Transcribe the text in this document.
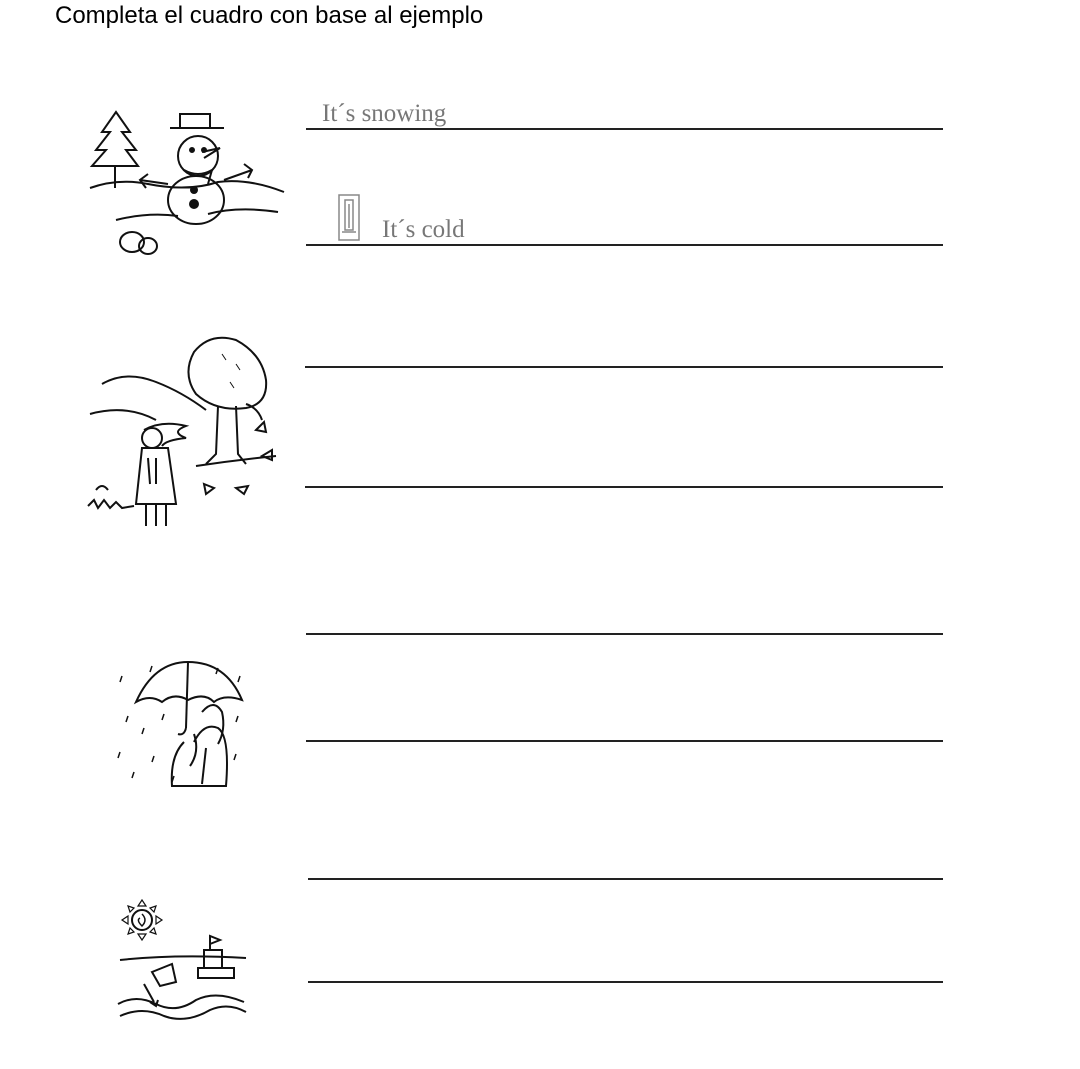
Completa el cuadro con base al ejemplo
It´s snowing
It´s cold
